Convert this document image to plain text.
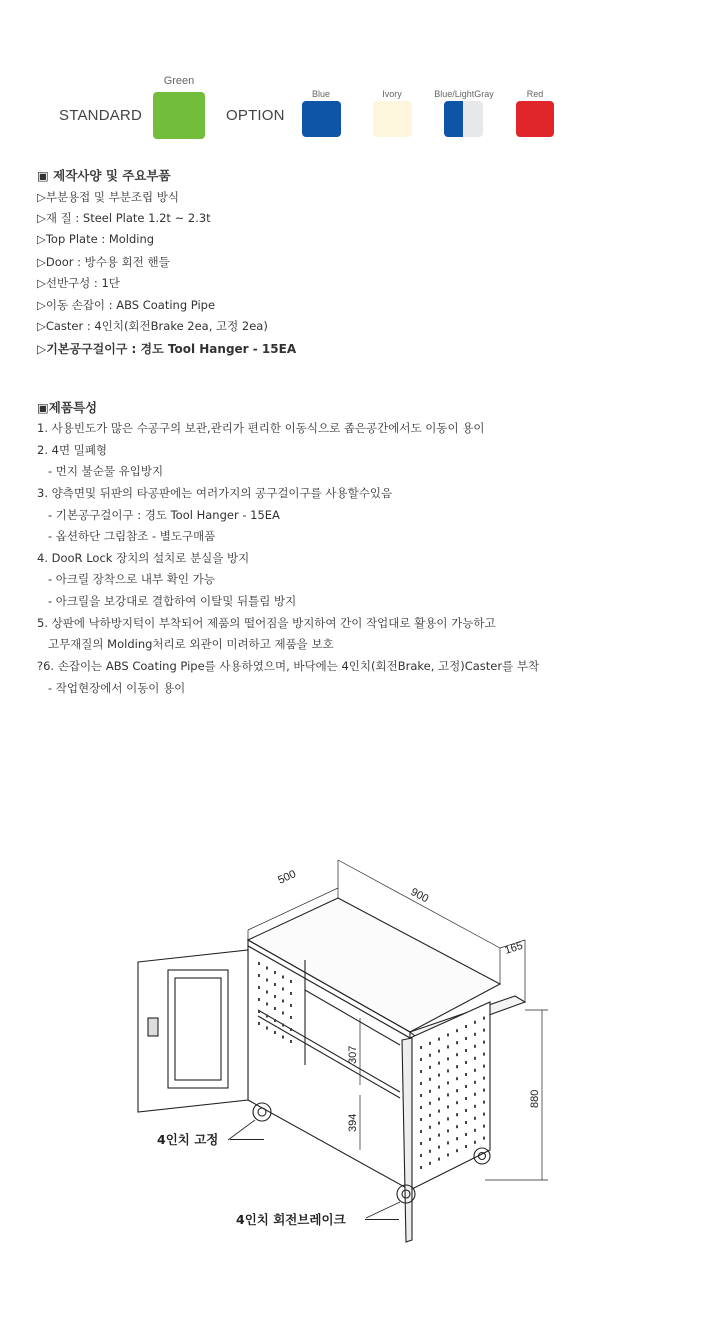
STANDARD
Green
OPTION
Blue	Ivory	Blue/LightGray	Red
▣ 제작사양 및 주요부품
▷부분용접 및 부분조립 방식
▷재 질 : Steel Plate 1.2t ~ 2.3t
▷Top Plate : Molding
▷Door : 방수용 회전 핸들
▷선반구성 : 1단
▷이동 손잡이 : ABS Coating Pipe
▷Caster : 4인치(회전Brake 2ea, 고정 2ea)
▷기본공구걸이구 : 경도 Tool Hanger - 15EA
▣제품특성
1. 사용빈도가 많은 수공구의 보관,관리가 편리한 이동식으로 좁은공간에서도 이동이 용이
2. 4면 밀폐형
- 먼지 불순물 유입방지
3. 양측면및 뒤판의 타공판에는 여러가지의 공구걸이구를 사용할수있음
- 기본공구걸이구 : 경도 Tool Hanger - 15EA
- 옵션하단 그림참조 - 별도구매품
4. DooR Lock 장치의 설치로 분실을 방지
- 아크릴 장착으로 내부 확인 가능
- 아크릴을 보강대로 결합하여 이탈및 뒤틀림 방지
5. 상판에 낙하방지턱이 부착되어 제품의 떨어짐을 방지하여 간이 작업대로 활용이 가능하고
고무재질의 Molding처리로 외관이 미려하고 제품을 보호
?6. 손잡이는 ABS Coating Pipe를 사용하였으며, 바닥에는 4인치(회전Brake, 고정)Caster를 부착
- 작업현장에서 이동이 용이
500
900
165
880
307
394
4인치 고정
4인치 회전브레이크
